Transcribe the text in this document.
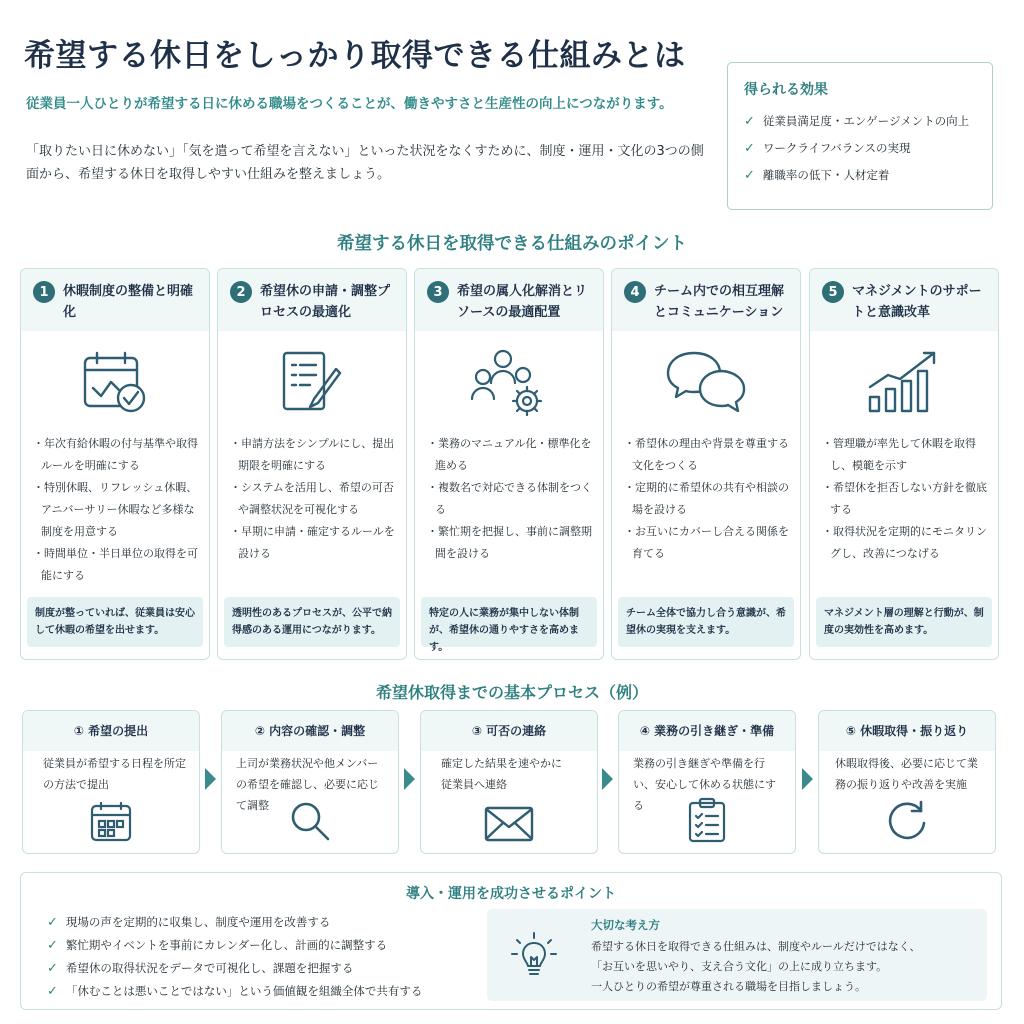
希望する休日をしっかり取得できる仕組みとは
従業員一人ひとりが希望する日に休める職場をつくることが、働きやすさと生産性の向上につながります。
「取りたい日に休めない」「気を遣って希望を言えない」といった状況をなくすために、制度・運用・文化の3つの側面から、希望する休日を取得しやすい仕組みを整えましょう。
得られる効果
✓ 従業員満足度・エンゲージメントの向上
✓ ワークライフバランスの実現
✓ 離職率の低下・人材定着
希望する休日を取得できる仕組みのポイント
1	休暇制度の整備と明確化
・年次有給休暇の付与基準や取得ルールを明確にする
・特別休暇、リフレッシュ休暇、アニバーサリー休暇など多様な制度を用意する
・時間単位・半日単位の取得を可能にする
制度が整っていれば、従業員は安心して休暇の希望を出せます。
2	希望休の申請・調整プロセスの最適化
・申請方法をシンプルにし、提出期限を明確にする
・システムを活用し、希望の可否や調整状況を可視化する
・早期に申請・確定するルールを設ける
透明性のあるプロセスが、公平で納得感のある運用につながります。
3	希望の属人化解消とリソースの最適配置
・業務のマニュアル化・標準化を進める
・複数名で対応できる体制をつくる
・繁忙期を把握し、事前に調整期間を設ける
特定の人に業務が集中しない体制が、希望休の通りやすさを高めます。
4	チーム内での相互理解とコミュニケーション
・希望休の理由や背景を尊重する文化をつくる
・定期的に希望休の共有や相談の場を設ける
・お互いにカバーし合える関係を育てる
チーム全体で協力し合う意識が、希望休の実現を支えます。
5	マネジメントのサポートと意識改革
・管理職が率先して休暇を取得し、模範を示す
・希望休を拒否しない方針を徹底する
・取得状況を定期的にモニタリングし、改善につなげる
マネジメント層の理解と行動が、制度の実効性を高めます。
希望休取得までの基本プロセス（例）
① 希望の提出
従業員が希望する日程を所定の方法で提出
② 内容の確認・調整
上司が業務状況や他メンバーの希望を確認し、必要に応じて調整
③ 可否の連絡
確定した結果を速やかに従業員へ連絡
④ 業務の引き継ぎ・準備
業務の引き継ぎや準備を行い、安心して休める状態にする
⑤ 休暇取得・振り返り
休暇取得後、必要に応じて業務の振り返りや改善を実施
導入・運用を成功させるポイント
✓ 現場の声を定期的に収集し、制度や運用を改善する
✓ 繁忙期やイベントを事前にカレンダー化し、計画的に調整する
✓ 希望休の取得状況をデータで可視化し、課題を把握する
✓ 「休むことは悪いことではない」という価値観を組織全体で共有する
大切な考え方
希望する休日を取得できる仕組みは、制度やルールだけではなく、
「お互いを思いやり、支え合う文化」の上に成り立ちます。
一人ひとりの希望が尊重される職場を目指しましょう。
